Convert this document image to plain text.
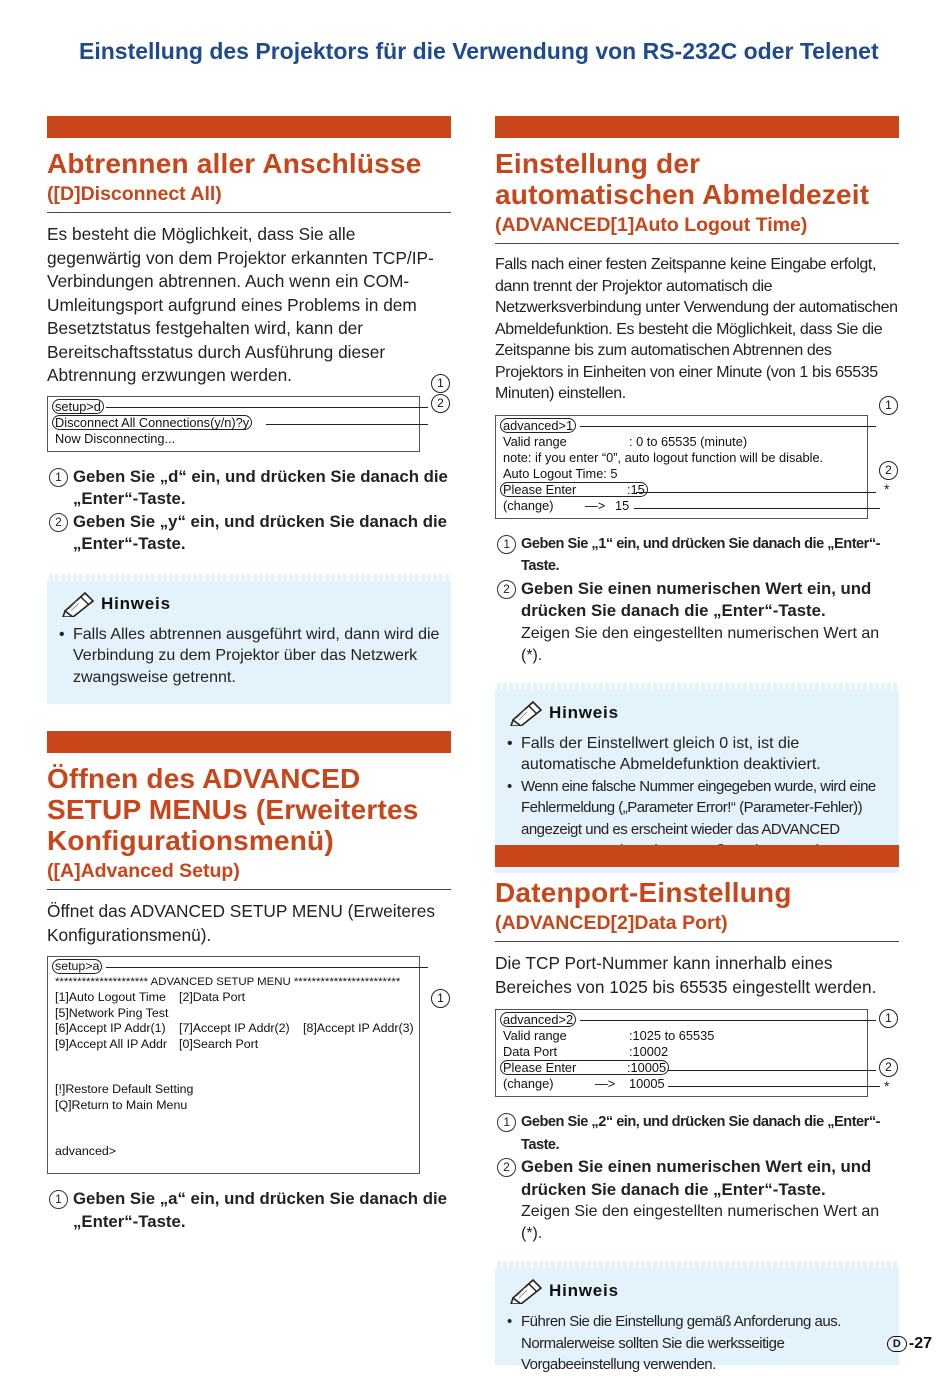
Einstellung des Projektors für die Verwendung von RS-232C oder Telenet
Abtrennen aller Anschlüsse
([D]Disconnect All)
Es besteht die Möglichkeit, dass Sie alle gegenwärtig von dem Projektor erkannten TCP/IP-Verbindungen abtrennen. Auch wenn ein COM-Umleitungsport aufgrund eines Problems in dem Besetztstatus festgehalten wird, kann der Bereitschaftsstatus durch Ausführung dieser Abtrennung erzwungen werden.
setup>d
Disconnect All Connections(y/n)?y
Now Disconnecting...
1
2
1 Geben Sie „d“ ein, und drücken Sie danach die „Enter“-Taste.
2 Geben Sie „y“ ein, und drücken Sie danach die „Enter“-Taste.
Hinweis
• Falls Alles abtrennen ausgeführt wird, dann wird die Verbindung zu dem Projektor über das Netzwerk zwangsweise getrennt.
Öffnen des ADVANCED SETUP MENUs (Erweitertes Konfigurationsmenü)
([A]Advanced Setup)
Öffnet das ADVANCED SETUP MENU (Erweiteres Konfigurationsmenü).
setup>a
********************* ADVANCED SETUP MENU ************************
[1]Auto Logout Time [2]Data Port
[5]Network Ping Test
[6]Accept IP Addr(1) [7]Accept IP Addr(2) [8]Accept IP Addr(3)
[9]Accept All IP Addr [0]Search Port
[!]Restore Default Setting
[Q]Return to Main Menu
advanced>
1
1 Geben Sie „a“ ein, und drücken Sie danach die „Enter“-Taste.
Einstellung der automatischen Abmeldezeit
(ADVANCED[1]Auto Logout Time)
Falls nach einer festen Zeitspanne keine Eingabe erfolgt, dann trennt der Projektor automatisch die Netzwerksverbindung unter Verwendung der automatischen Abmeldefunktion. Es besteht die Möglichkeit, dass Sie die Zeitspanne bis zum automatischen Abtrennen des Projektors in Einheiten von einer Minute (von 1 bis 65535 Minuten) einstellen.
advanced>1
Valid range	: 0 to 65535 (minute)
note: if you enter “0”, auto logout function will be disable.
Auto Logout Time: 5
Please Enter	:15
(change) —> 15
1
2
*
1 Geben Sie „1“ ein, und drücken Sie danach die „Enter“-Taste.
2 Geben Sie einen numerischen Wert ein, und drücken Sie danach die „Enter“-Taste.
Zeigen Sie den eingestellten numerischen Wert an (*).
Hinweis
• Falls der Einstellwert gleich 0 ist, ist die automatische Abmeldefunktion deaktiviert.
• Wenn eine falsche Nummer eingegeben wurde, wird eine Fehlermeldung („Parameter Error!“ (Parameter-Fehler)) angezeigt und es erscheint wieder das ADVANCED
Datenport-Einstellung
(ADVANCED[2]Data Port)
Die TCP Port-Nummer kann innerhalb eines Bereiches von 1025 bis 65535 eingestellt werden.
advanced>2
Valid range	:1025 to 65535
Data Port	:10002
Please Enter	:10005
(change)	—> 10005
1
2
*
1 Geben Sie „2“ ein, und drücken Sie danach die „Enter“-Taste.
2 Geben Sie einen numerischen Wert ein, und drücken Sie danach die „Enter“-Taste.
Zeigen Sie den eingestellten numerischen Wert an (*).
Hinweis
• Führen Sie die Einstellung gemäß Anforderung aus. Normalerweise sollten Sie die werksseitige Vorgabeeinstellung verwenden.
D -27
